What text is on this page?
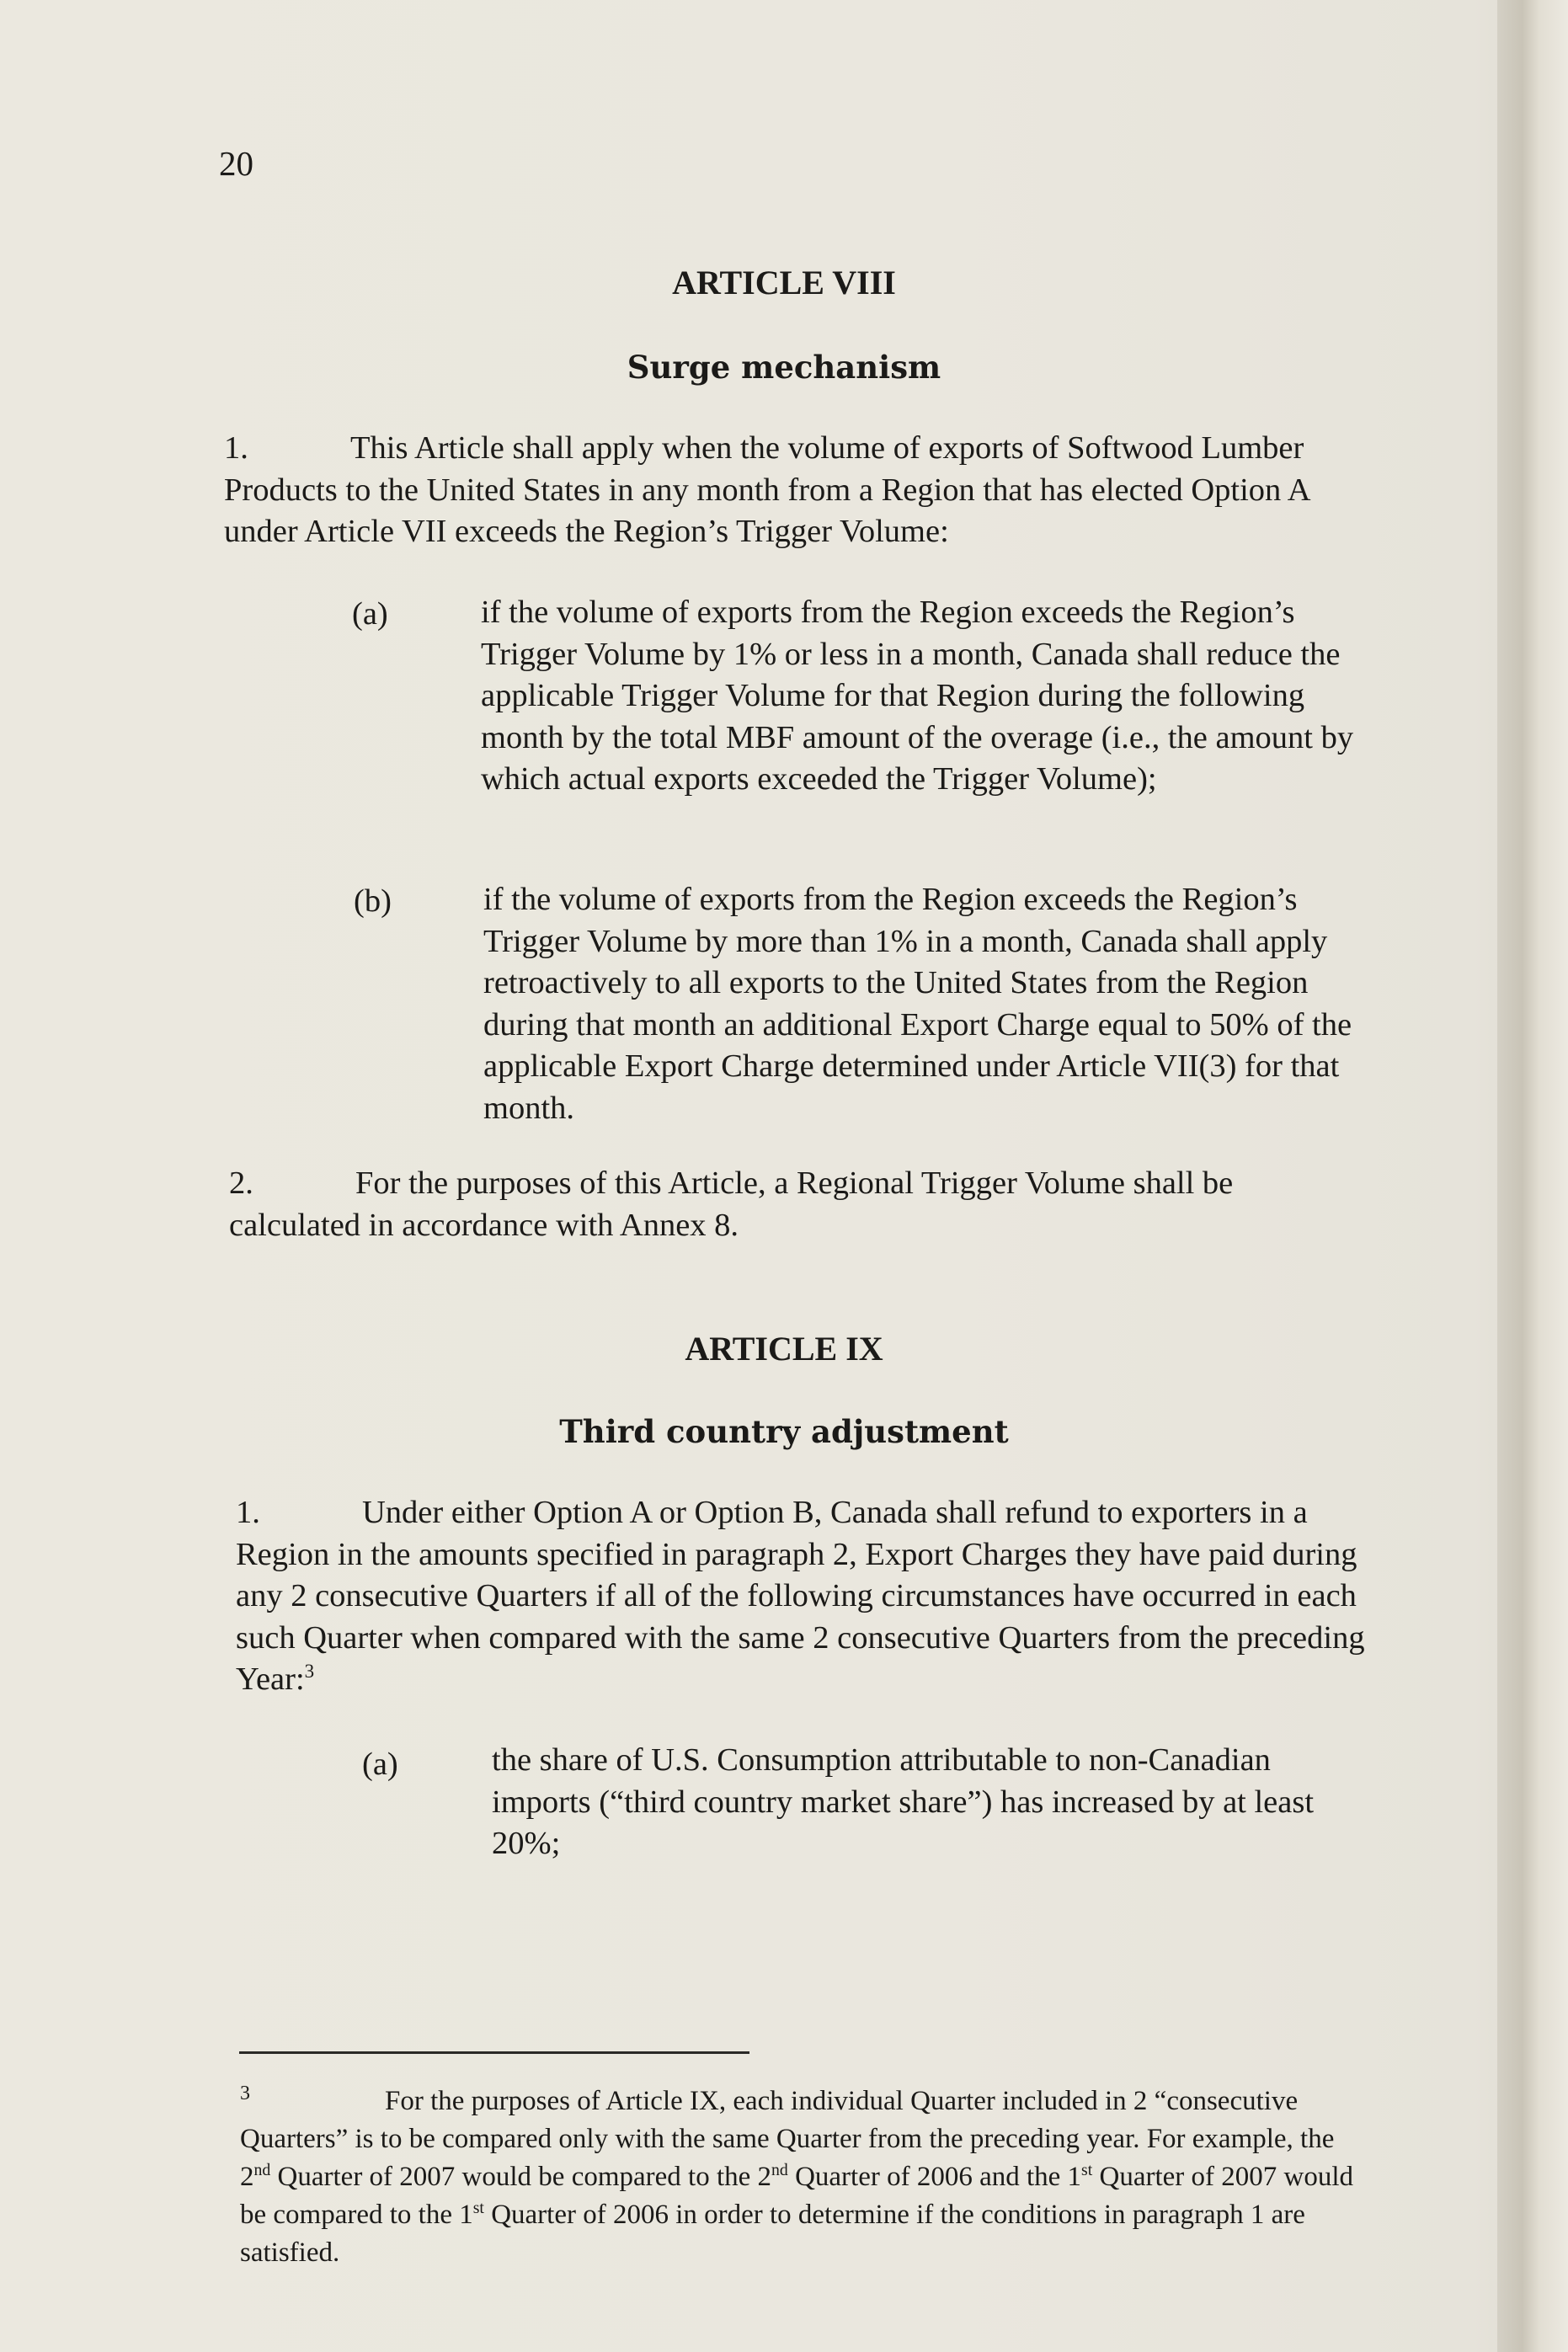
20
ARTICLE VIII
Surge mechanism
1.	This Article shall apply when the volume of exports of Softwood Lumber Products to the United States in any month from a Region that has elected Option A under Article VII exceeds the Region’s Trigger Volume:
(a)	if the volume of exports from the Region exceeds the Region’s Trigger Volume by 1% or less in a month, Canada shall reduce the applicable Trigger Volume for that Region during the following month by the total MBF amount of the overage (i.e., the amount by which actual exports exceeded the Trigger Volume);
(b)	if the volume of exports from the Region exceeds the Region’s Trigger Volume by more than 1% in a month, Canada shall apply retroactively to all exports to the United States from the Region during that month an additional Export Charge equal to 50% of the applicable Export Charge determined under Article VII(3) for that month.
2.	For the purposes of this Article, a Regional Trigger Volume shall be calculated in accordance with Annex 8.
ARTICLE IX
Third country adjustment
1.	Under either Option A or Option B, Canada shall refund to exporters in a Region in the amounts specified in paragraph 2, Export Charges they have paid during any 2 consecutive Quarters if all of the following circumstances have occurred in each such Quarter when compared with the same 2 consecutive Quarters from the preceding Year:$^3$
(a)	the share of U.S. Consumption attributable to non-Canadian imports (“third country market share”) has increased by at least 20%;
3	For the purposes of Article IX, each individual Quarter included in 2 “consecutive Quarters” is to be compared only with the same Quarter from the preceding year. For example, the 2nd Quarter of 2007 would be compared to the 2nd Quarter of 2006 and the 1st Quarter of 2007 would be compared to the 1st Quarter of 2006 in order to determine if the conditions in paragraph 1 are satisfied.
